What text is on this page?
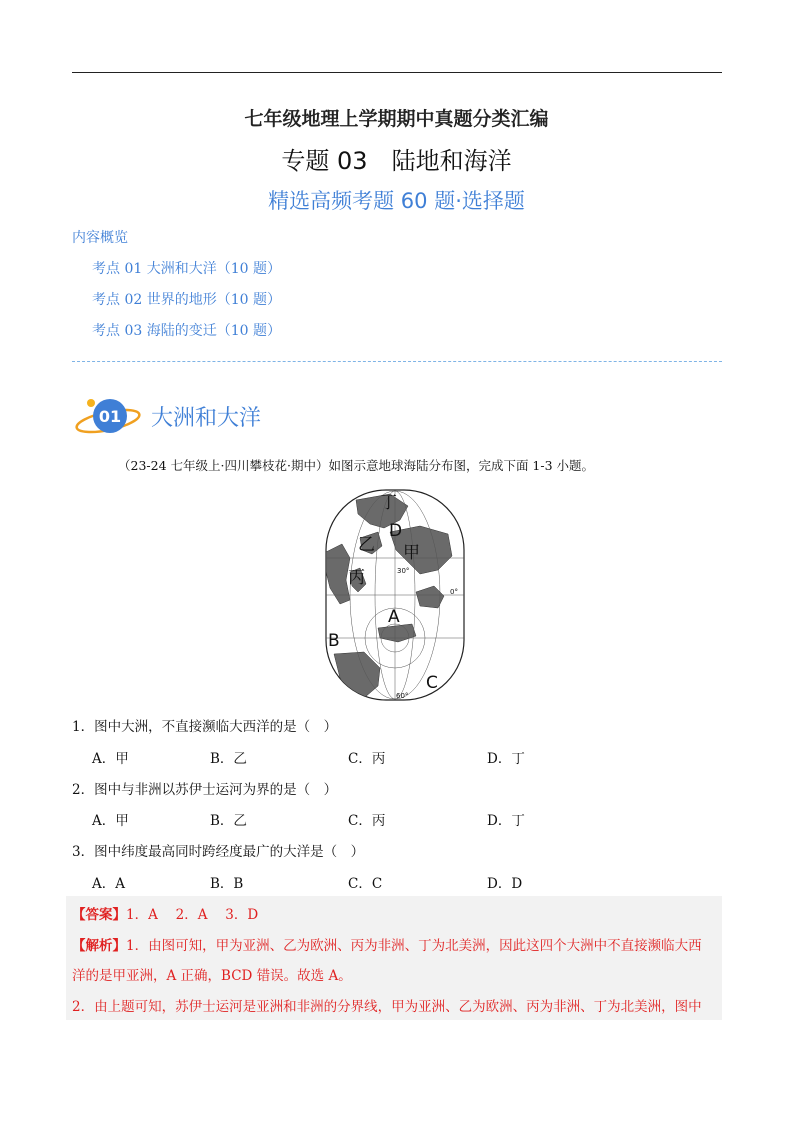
七年级地理上学期期中真题分类汇编
专题 03　陆地和海洋
精选高频考题 60 题·选择题
内容概览
考点 01 大洲和大洋（10 题）
考点 02 世界的地形（10 题）
考点 03 海陆的变迁（10 题）
01 大洲和大洋
（23-24 七年级上·四川攀枝花·期中）如图示意地球海陆分布图，完成下面 1-3 小题。
丁
D
乙 甲
丙
A
B
C
30°
0°
60°
1．图中大洲，不直接濒临大西洋的是（　）
A．甲	B．乙	C．丙	D．丁
2．图中与非洲以苏伊士运河为界的是（　）
A．甲	B．乙	C．丙	D．丁
3．图中纬度最高同时跨经度最广的大洋是（　）
A．A	B．B	C．C	D．D
【答案】1．A　 2．A　 3．D
【解析】1．由图可知，甲为亚洲、乙为欧洲、丙为非洲、丁为北美洲，因此这四个大洲中不直接濒临大西
洋的是甲亚洲，A 正确，BCD 错误。故选 A。
2．由上题可知，苏伊士运河是亚洲和非洲的分界线，甲为亚洲、乙为欧洲、丙为非洲、丁为北美洲，图中
